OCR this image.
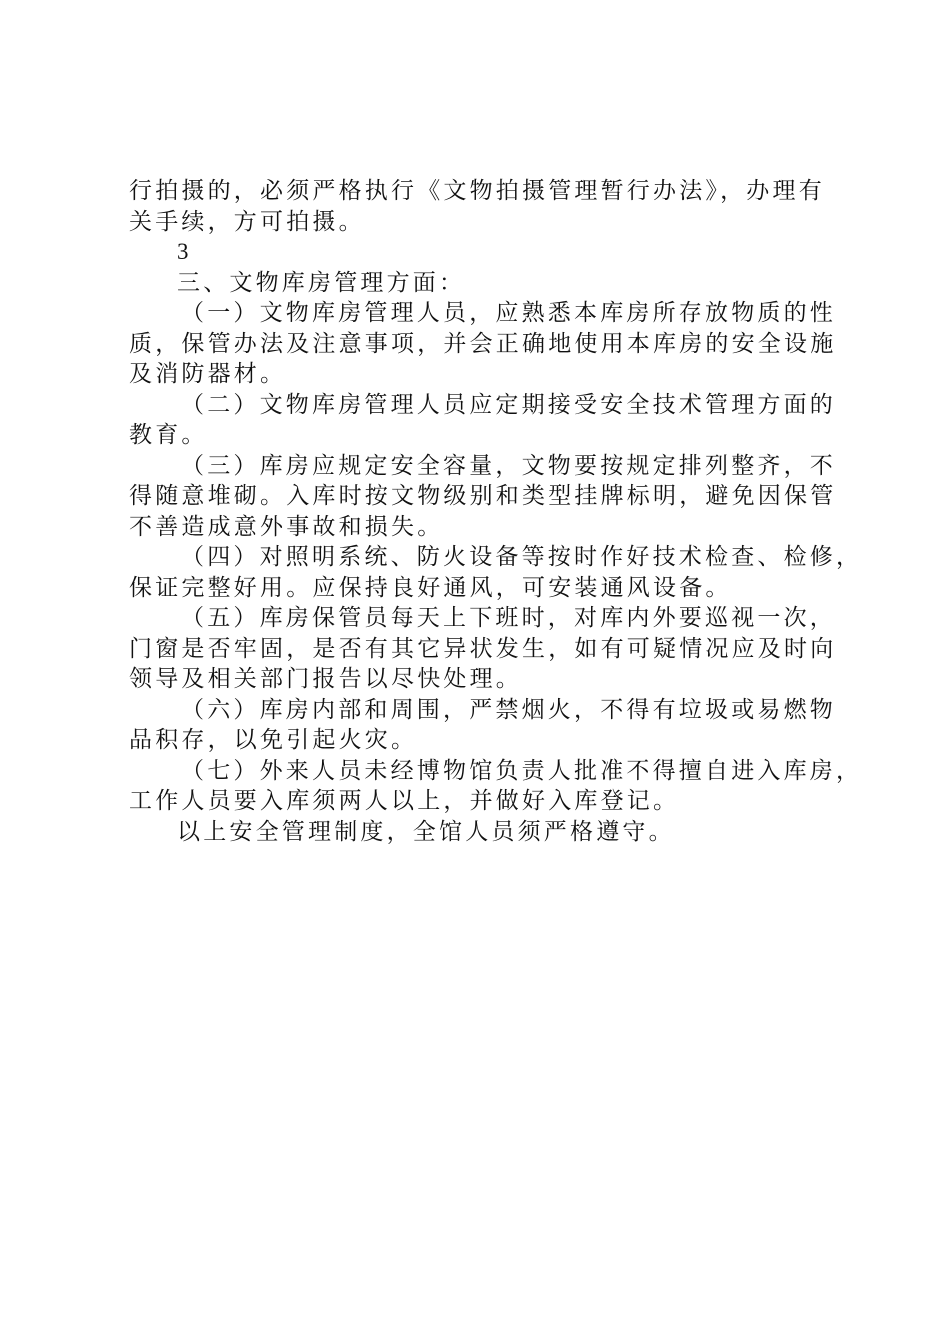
行拍摄的，必须严格执行《文物拍摄管理暂行办法》，办理有
关手续，方可拍摄。
3
三、文物库房管理方面：
（一）文物库房管理人员，应熟悉本库房所存放物质的性
质，保管办法及注意事项，并会正确地使用本库房的安全设施
及消防器材。
（二）文物库房管理人员应定期接受安全技术管理方面的
教育。
（三）库房应规定安全容量，文物要按规定排列整齐，不
得随意堆砌。入库时按文物级别和类型挂牌标明，避免因保管
不善造成意外事故和损失。
（四）对照明系统、防火设备等按时作好技术检查、检修，
保证完整好用。应保持良好通风，可安装通风设备。
（五）库房保管员每天上下班时，对库内外要巡视一次，
门窗是否牢固，是否有其它异状发生，如有可疑情况应及时向
领导及相关部门报告以尽快处理。
（六）库房内部和周围，严禁烟火，不得有垃圾或易燃物
品积存，以免引起火灾。
（七）外来人员未经博物馆负责人批准不得擅自进入库房，
工作人员要入库须两人以上，并做好入库登记。
以上安全管理制度，全馆人员须严格遵守。
